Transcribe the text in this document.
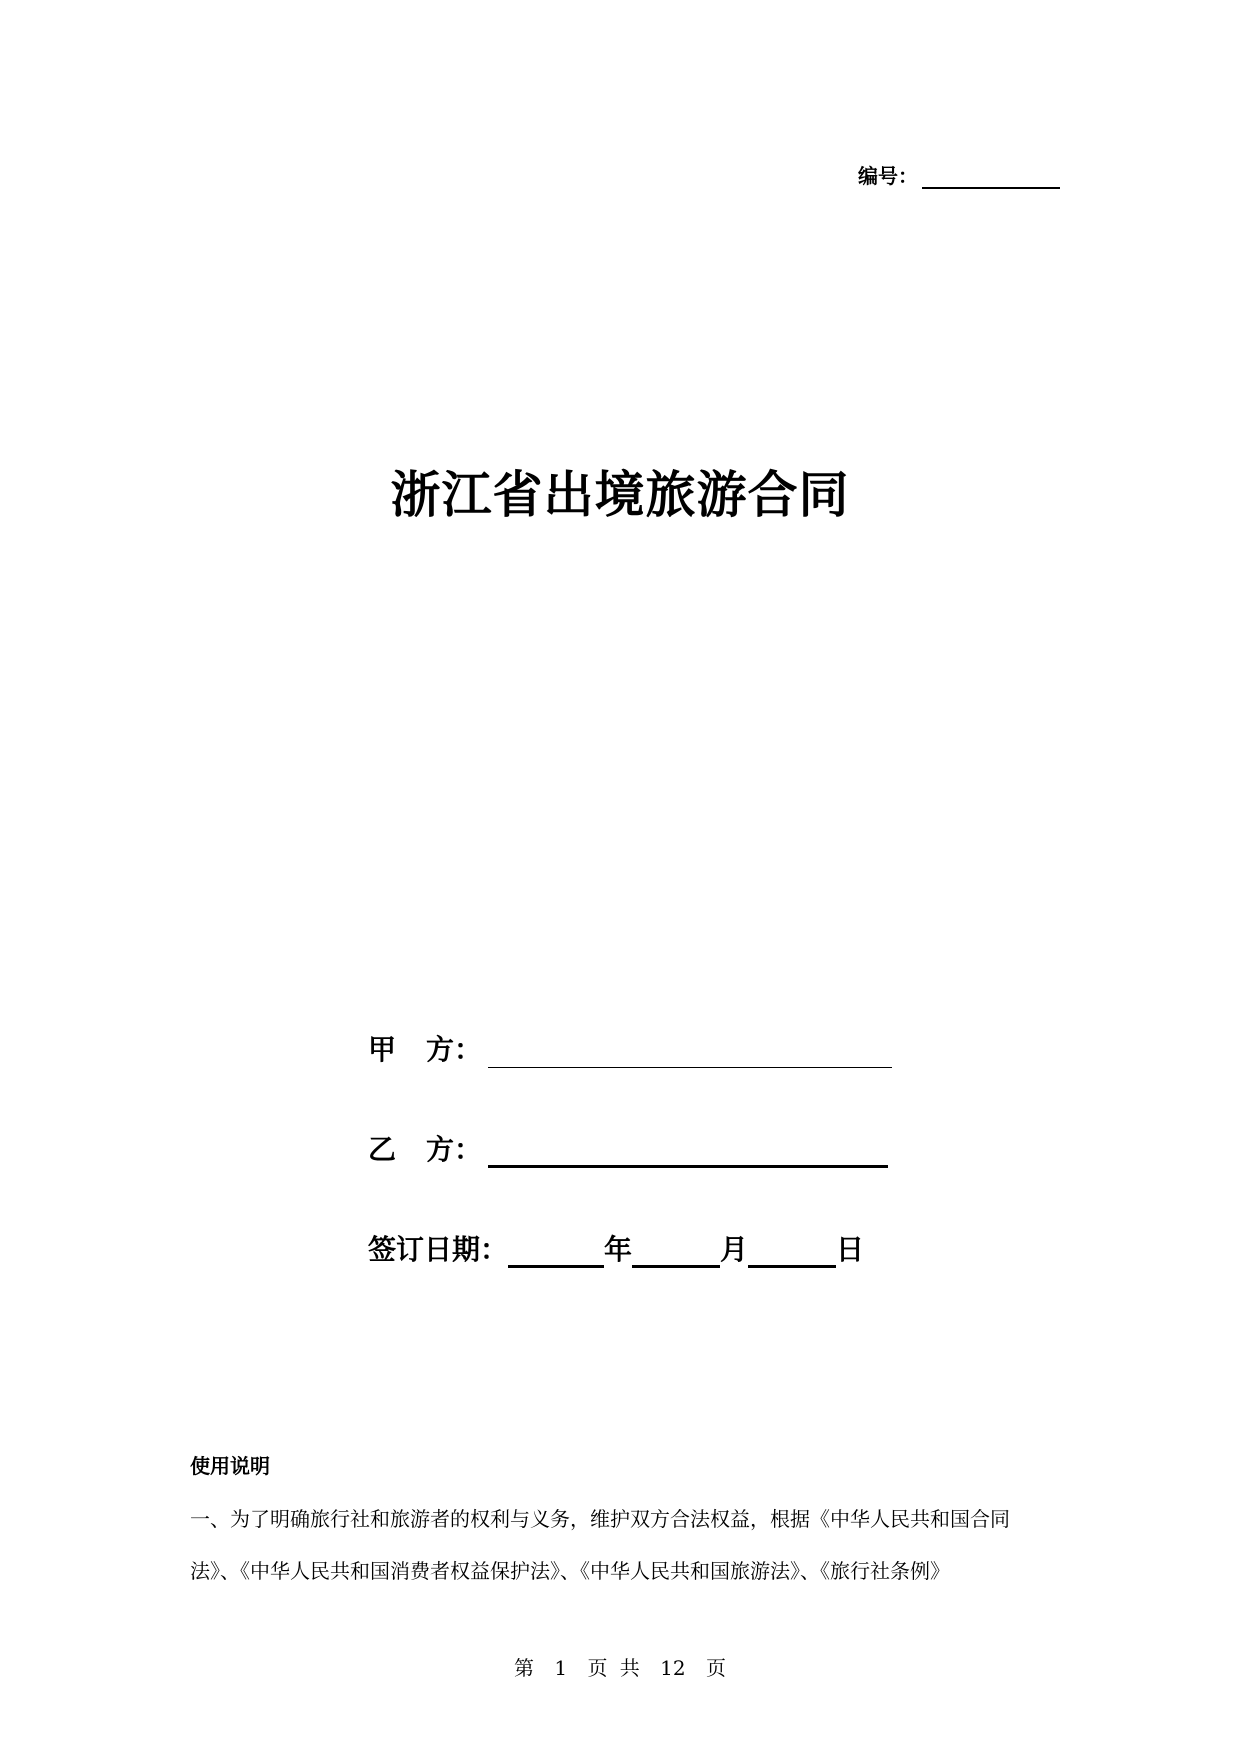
编号：
浙江省出境旅游合同
甲 方：
乙 方：
签订日期：	年	月	日
使用说明

一、为了明确旅行社和旅游者的权利与义务，维护双方合法权益，根据《中华人民共和国合同

法》、《中华人民共和国消费者权益保护法》、《中华人民共和国旅游法》、《旅行社条例》

第 1 页 共 12 页
